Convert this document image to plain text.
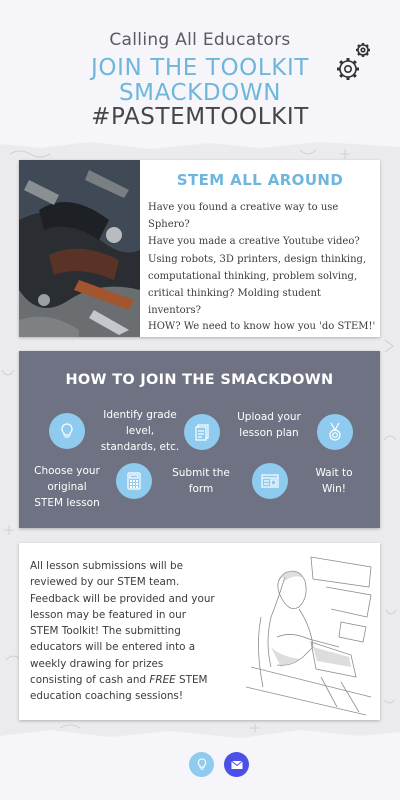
Calling All Educators
JOIN THE TOOLKIT
SMACKDOWN
#PASTEMTOOLKIT
STEM ALL AROUND
Have you found a creative way to use Sphero?
Have you made a creative Youtube video?
Using robots, 3D printers, design thinking,
computational thinking, problem solving,
critical thinking? Molding student inventors?
HOW? We need to know how you 'do STEM!'
HOW TO JOIN THE SMACKDOWN
Choose your
original
STEM lesson
Identify grade
level,
standards, etc.
Submit the
form
Upload your
lesson plan
Wait to
Win!
All lesson submissions will be
reviewed by our STEM team.
Feedback will be provided and your
lesson may be featured in our
STEM Toolkit! The submitting
educators will be entered into a
weekly drawing for prizes
consisting of cash and FREE STEM
education coaching sessions!
